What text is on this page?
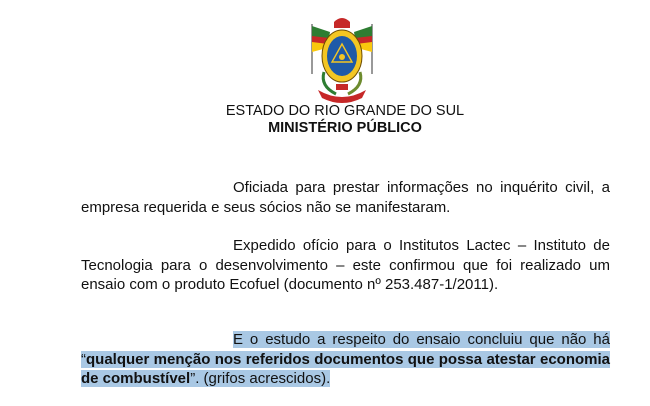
ESTADO DO RIO GRANDE DO SUL
MINISTÉRIO PÚBLICO

Oficiada para prestar informações no inquérito civil, a empresa requerida e seus sócios não se manifestaram.

Expedido ofício para o Institutos Lactec – Instituto de Tecnologia para o desenvolvimento – este confirmou que foi realizado um ensaio com o produto Ecofuel (documento nº 253.487-1/2011).

E o estudo a respeito do ensaio concluiu que não há “qualquer menção nos referidos documentos que possa atestar economia de combustível”. (grifos acrescidos).
